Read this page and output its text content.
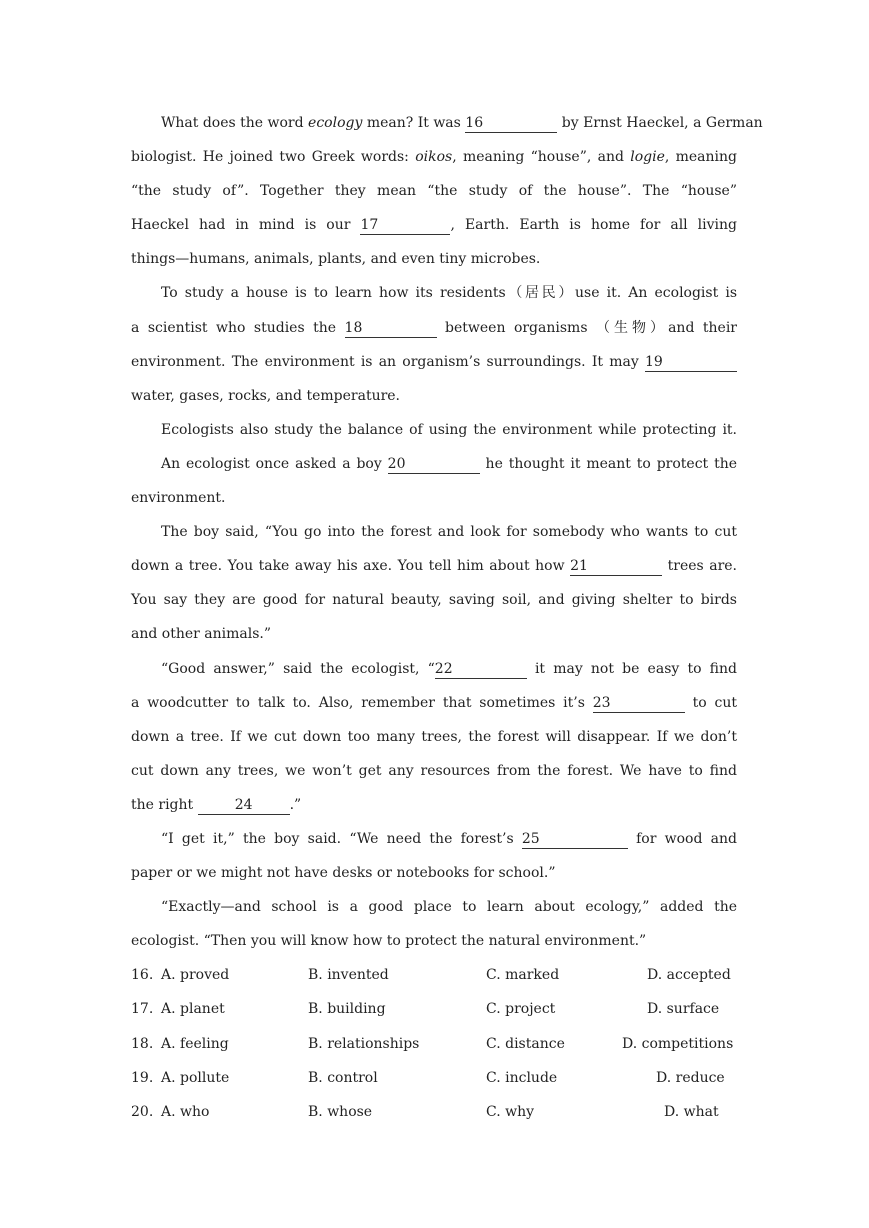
What does the word ecology mean? It was 16	by Ernst Haeckel, a German
biologist. He joined two Greek words: oikos, meaning “house”, and logie, meaning
“the study of”. Together they mean “the study of the house”. The “house”
Haeckel had in mind is our 17	, Earth. Earth is home for all living
things—humans, animals, plants, and even tiny microbes.
To study a house is to learn how its residents（居民）use it. An ecologist is
a scientist who studies the 18	between organisms （生物）and their
environment. The environment is an organism’s surroundings. It may 19
water, gases, rocks, and temperature.
Ecologists also study the balance of using the environment while protecting it.
An ecologist once asked a boy 20	he thought it meant to protect the
environment.
The boy said, “You go into the forest and look for somebody who wants to cut
down a tree. You take away his axe. You tell him about how 21	trees are.
You say they are good for natural beauty, saving soil, and giving shelter to birds
and other animals.”
“Good answer,” said the ecologist, “22	it may not be easy to find
a woodcutter to talk to. Also, remember that sometimes it’s 23	to cut
down a tree. If we cut down too many trees, the forest will disappear. If we don’t
cut down any trees, we won’t get any resources from the forest. We have to find
the right	24	.”
“I get it,” the boy said. “We need the forest’s 25	for wood and
paper or we might not have desks or notebooks for school.”
“Exactly—and school is a good place to learn about ecology,” added the
ecologist. “Then you will know how to protect the natural environment.”
16. A. proved	B. invented	C. marked	D. accepted
17. A. planet	B. building	C. project	D. surface
18. A. feeling	B. relationships	C. distance	D. competitions
19. A. pollute	B. control	C. include	D. reduce
20. A. who	B. whose	C. why	D. what
